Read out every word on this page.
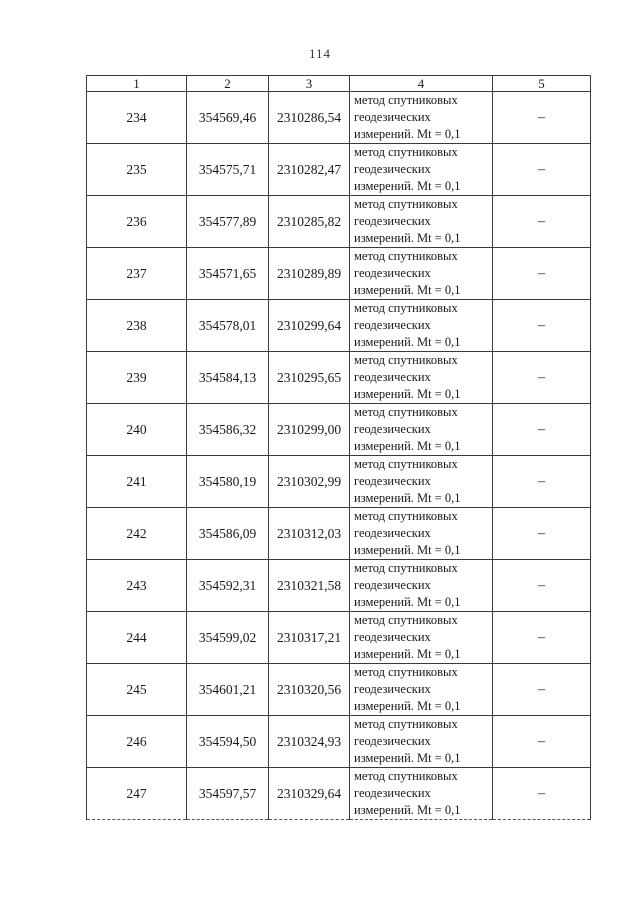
114
1	2	3	4	5
234	354569,46	2310286,54	метод спутниковых
геодезических
измерений. Mt = 0,1	–
235	354575,71	2310282,47	метод спутниковых
геодезических
измерений. Mt = 0,1	–
236	354577,89	2310285,82	метод спутниковых
геодезических
измерений. Mt = 0,1	–
237	354571,65	2310289,89	метод спутниковых
геодезических
измерений. Mt = 0,1	–
238	354578,01	2310299,64	метод спутниковых
геодезических
измерений. Mt = 0,1	–
239	354584,13	2310295,65	метод спутниковых
геодезических
измерений. Mt = 0,1	–
240	354586,32	2310299,00	метод спутниковых
геодезических
измерений. Mt = 0,1	–
241	354580,19	2310302,99	метод спутниковых
геодезических
измерений. Mt = 0,1	–
242	354586,09	2310312,03	метод спутниковых
геодезических
измерений. Mt = 0,1	–
243	354592,31	2310321,58	метод спутниковых
геодезических
измерений. Mt = 0,1	–
244	354599,02	2310317,21	метод спутниковых
геодезических
измерений. Mt = 0,1	–
245	354601,21	2310320,56	метод спутниковых
геодезических
измерений. Mt = 0,1	–
246	354594,50	2310324,93	метод спутниковых
геодезических
измерений. Mt = 0,1	–
247	354597,57	2310329,64	метод спутниковых
геодезических
измерений. Mt = 0,1	–
